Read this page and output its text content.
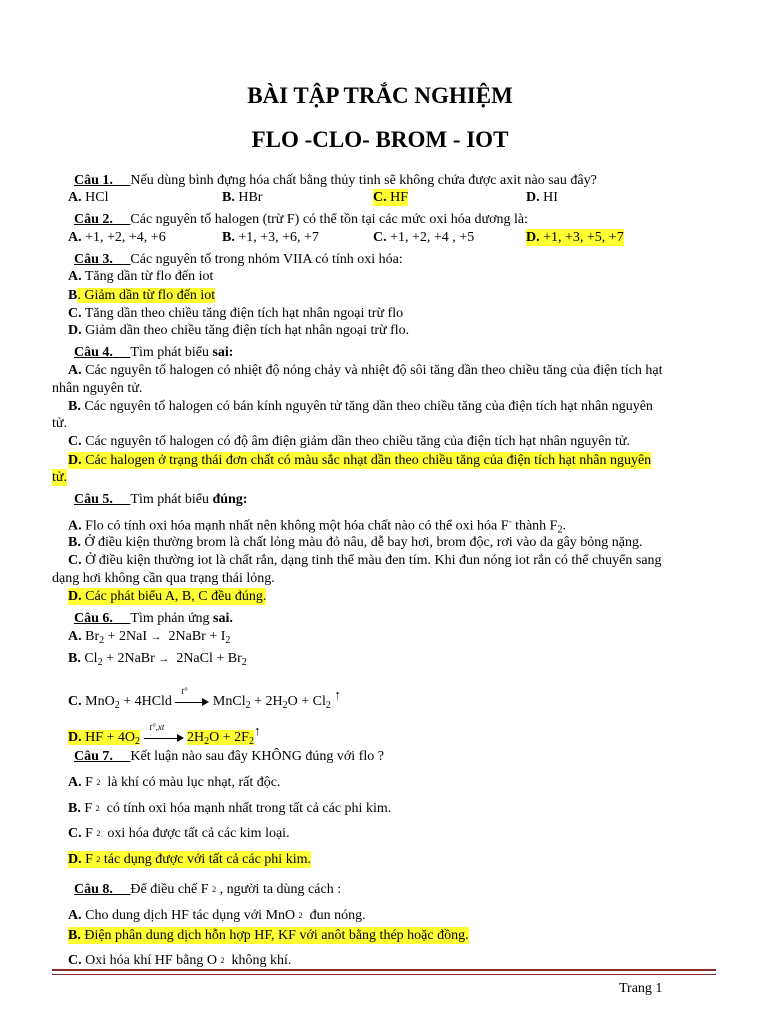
BÀI TẬP TRẮC NGHIỆM
FLO -CLO- BROM - IOT
Câu 1. Nếu dùng bình đựng hóa chất bằng thủy tinh sẽ không chứa được axit nào sau đây?
A. HCl	B. HBr	C. HF	D. HI
Câu 2. Các nguyên tố halogen (trừ F) có thể tồn tại các mức oxi hóa dương là:
A. +1, +2, +4, +6	B. +1, +3, +6, +7	C. +1, +2, +4 , +5	D. +1, +3, +5, +7
Câu 3. Các nguyên tố trong nhóm VIIA có tính oxi hóa:
A. Tăng dần từ flo đến iot
B. Giảm dần từ flo đến iot
C. Tăng dần theo chiều tăng điện tích hạt nhân ngoại trừ flo
D. Giảm dần theo chiều tăng điện tích hạt nhân ngoại trừ flo.
Câu 4. Tìm phát biểu sai:
A. Các nguyên tố halogen có nhiệt độ nóng chảy và nhiệt độ sôi tăng dần theo chiều tăng của điện tích hạt
nhân nguyên tử.
B. Các nguyên tố halogen có bán kính nguyên tử tăng dần theo chiều tăng của điện tích hạt nhân nguyên
tử.
C. Các nguyên tố halogen có độ âm điện giảm dần theo chiều tăng của điện tích hạt nhân nguyên tử.
D. Các halogen ở trạng thái đơn chất có màu sắc nhạt dần theo chiều tăng của điện tích hạt nhân nguyên
tử.
Câu 5. Tìm phát biểu đúng:
A. Flo có tính oxi hóa mạnh nhất nên không một hóa chất nào có thể oxi hóa F- thành $F_2$.
B. Ở điều kiện thường brom là chất lỏng màu đỏ nâu, dễ bay hơi, brom độc, rơi vào da gây bỏng nặng.
C. Ở điều kiện thường iot là chất rắn, dạng tinh thể màu đen tím. Khi đun nóng iot rắn có thể chuyển sang
dạng hơi không cần qua trạng thái lỏng.
D. Các phát biểu A, B, C đều đúng.
Câu 6. Tìm phản ứng sai.
A. $Br_2 + 2NaI$ →  2NaBr + $I_2$
B. $Cl_2$ + 2NaBr →  2NaCl + $Br_2$
C. MnO$_2$ + 4HCld
t°
MnCl$_2$ + $2H_2O + Cl_2$ ↑
D. HF + $4O_2$
t°,xt
$2H_2O$ + $2F_2↑$
Câu 7. Kết luận nào sau đây KHÔNG đúng với flo ?
A. F 2 là khí có màu lục nhạt, rất độc.
B. F 2 có tính oxi hóa mạnh nhất trong tất cả các phi kim.
C. F 2 oxi hóa được tất cả các kim loại.
D. F 2 tác dụng được với tất cả các phi kim.
Câu 8. Để điều chế F 2 , người ta dùng cách :
A. Cho dung dịch HF tác dụng với MnO 2 đun nóng.
B. Điện phân dung dịch hỗn hợp HF, KF với anôt bằng thép hoặc đồng.
C. Oxi hóa khí HF bằng O 2 không khí.
Trang 1
